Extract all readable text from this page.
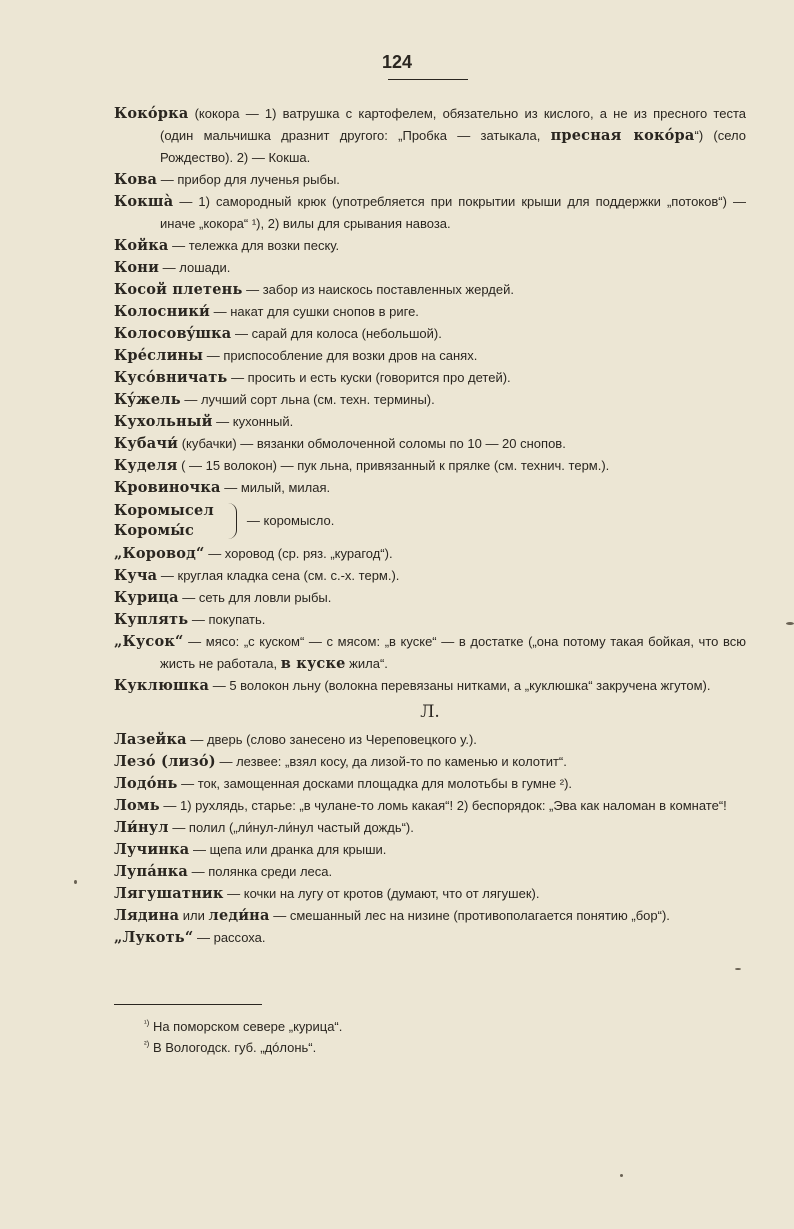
124

Кокóрка (кокора — 1) ватрушка с картофелем, обязательно из кислого, а не из пресного теста (один мальчишка дразнит другого: „Пробка — затыкала, пресная кокóра“) (село Рождество). 2) — Кокша.

Кова — прибор для лученья рыбы.

Кокшà — 1) самородный крюк (употребляется при покрытии крыши для поддержки „потоков“) — иначе „кокора“ ¹), 2) вилы для срывания навоза.

Койка — тележка для возки песку.

Кони — лошади.

Косой плетень — забор из наискось поставленных жердей.

Колосники́ — накат для сушки снопов в риге.

Колосовýшка — сарай для колоса (небольшой).

Крéслины — приспособление для возки дров на санях.

Кусóвничать — просить и есть куски (говорится про детей).

Кýжель — лучший сорт льна (см. техн. термины).

Кухольный — кухонный.

Кубачи́ (кубачки) — вязанки обмолоченной соломы по 10 — 20 снопов.

Куделя ( — 15 волокон) — пук льна, привязанный к прялке (см. технич. терм.).

Кровиночка — милый, милая.

Коромысел
Коромы́с
— коромысло.

„Коровод“ — хоровод (ср. ряз. „курагод“).

Куча — круглая кладка сена (см. с.-х. терм.).

Курица — сеть для ловли рыбы.

Куплять — покупать.

„Кусок“ — мясо: „с куском“ — с мясом: „в куске“ — в достатке („она потому такая бойкая, что всю жисть не работала, в куске жила“.

Куклюшка — 5 волокон льну (волокна перевязаны нитками, а „куклюшка“ закручена жгутом).

Л.

Лазейка — дверь (слово занесено из Череповецкого у.).

Лезó (лизó) — лезвее: „взял косу, да лизой-то по каменью и колотит“.

Лодóнь — ток, замощенная досками площадка для молотьбы в гумне ²).

Ломь — 1) рухлядь, старье: „в чулане-то ломь какая“! 2) беспорядок: „Эва как наломан в комнате“!

Ли́нул — полил („ли́нул-ли́нул частый дождь“).

Лучинка — щепа или дранка для крыши.

Лупáнка — полянка среди леса.

Лягушатник — кочки на лугу от кротов (думают, что от лягушек).

Лядина или леди́на — смешанный лес на низине (противополагается понятию „бор“).

„Лукоть“ — рассоха.

$^{^1)}$ На поморском севере „курица“.

$^{^2)}$ В Вологодск. губ. „дóлонь“.
